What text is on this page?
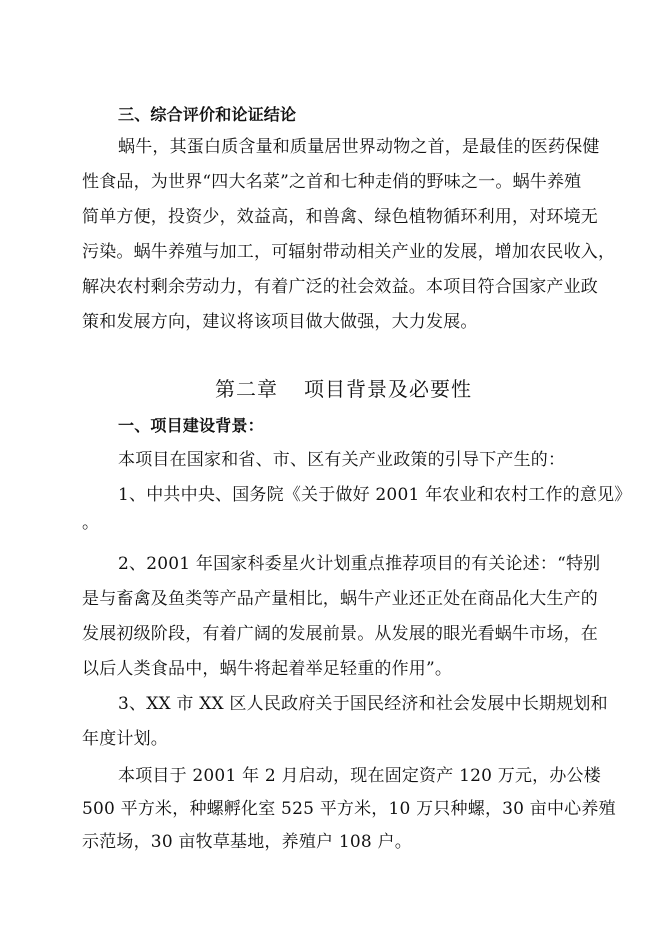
三、综合评价和论证结论
蜗牛，其蛋白质含量和质量居世界动物之首，是最佳的医药保健
性食品，为世界“四大名菜”之首和七种走俏的野味之一。蜗牛养殖
简单方便，投资少，效益高，和兽禽、绿色植物循环利用，对环境无
污染。蜗牛养殖与加工，可辐射带动相关产业的发展，增加农民收入，
解决农村剩余劳动力，有着广泛的社会效益。本项目符合国家产业政
策和发展方向，建议将该项目做大做强，大力发展。
第二章 项目背景及必要性
一、项目建设背景：
本项目在国家和省、市、区有关产业政策的引导下产生的：
1、中共中央、国务院《关于做好 2001 年农业和农村工作的意见》
。
2、2001 年国家科委星火计划重点推荐项目的有关论述：“特别
是与畜禽及鱼类等产品产量相比，蜗牛产业还正处在商品化大生产的
发展初级阶段，有着广阔的发展前景。从发展的眼光看蜗牛市场，在
以后人类食品中，蜗牛将起着举足轻重的作用”。
3、XX 市 XX 区人民政府关于国民经济和社会发展中长期规划和
年度计划。
本项目于 2001 年 2 月启动，现在固定资产 120 万元，办公楼
500 平方米，种螺孵化室 525 平方米，10 万只种螺，30 亩中心养殖
示范场，30 亩牧草基地，养殖户 108 户。
